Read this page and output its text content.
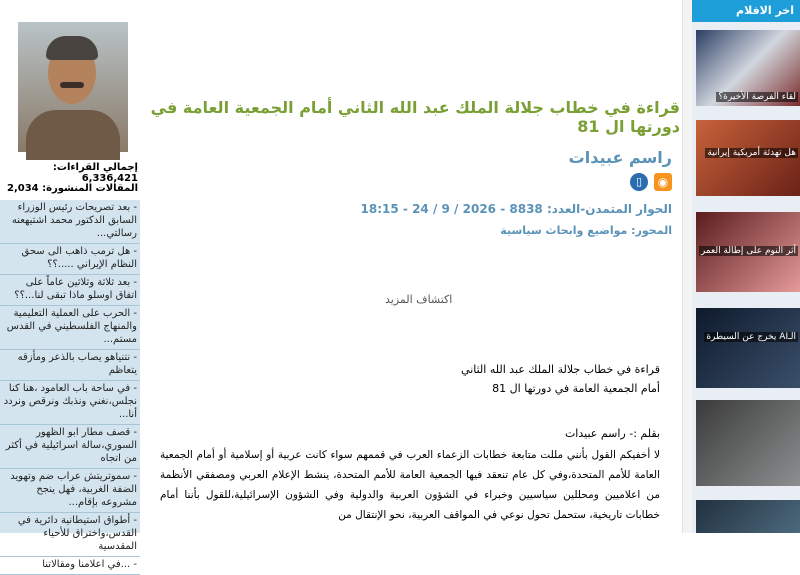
إجمالي القراءات: 6,336,421
المقالات المنشورة: 2,034
- بعد تصريحات رئيس الوزراء السابق الدكتور محمد اشتيهعنه رسالتي...
- هل ترمب ذاهب الى سحق النظام الإيراني .....؟؟
- بعد ثلاثة وثلاثين عاماً على اتفاق اوسلو ماذا تبقى لنا...؟؟
- الحرب على العملية التعليمية والمنهاج الفلسطيني في القدس مستم...
- نتنياهو يصاب بالذعر ومأزقه يتعاظم
- في ساحة باب العامود ،هنا كنا نجلس،نغني ونذبك ونرقص ونردد أنا...
- قصف مطار ابو الظهور السوري،سالة اسرائيلية في أكثر من اتجاه
- سموتريتش عراب ضم وتهويد الضفة الغربية، فهل ينجح مشروعه بإقام...
- أطواق استيطانية دائرية في القدس،واختراق للأحياء المقدسية
- ...في اعلامنا ومقالاتنا
قراءة في خطاب جلالة الملك عبد الله الثاني أمام الجمعية العامة في دورتها ال 81
راسم عبيدات
◉
▯
الحوار المتمدن-العدد: 8838 - 2026 / 9 / 24 - 18:15
المحور: مواضيع وابحاث سياسية
اكتشاف المزيد
قراءة في خطاب جلالة الملك عبد الله الثاني
أمام الجمعية العامة في دورتها ال 81
بقلم :- راسم عبيدات
لا أخفيكم القول بأنني مللت متابعة خطابات الزعماء العرب في قممهم سواء كانت عربية أو إسلامية أو أمام الجمعية العامة للأمم المتحدة،وفي كل عام تنعقد فيها الجمعية العامة للأمم المتحدة، ينشط الإعلام العربي ومصفقي الأنظمة من اعلاميين ومحللين سياسيين وخبراء في الشؤون العربية والدولية وفي الشؤون الإسرائيلية،للقول بأننا أمام خطابات تاريخية، ستحمل تحول نوعي في المواقف العربية، نحو الإنتقال من
اخر الافلام
لقاء الفرصة الأخيرة؟
هل تهدئة أمريكية إيرانية
أثر النوم على إطالة العمر
الـAI يخرج عن السيطرة
